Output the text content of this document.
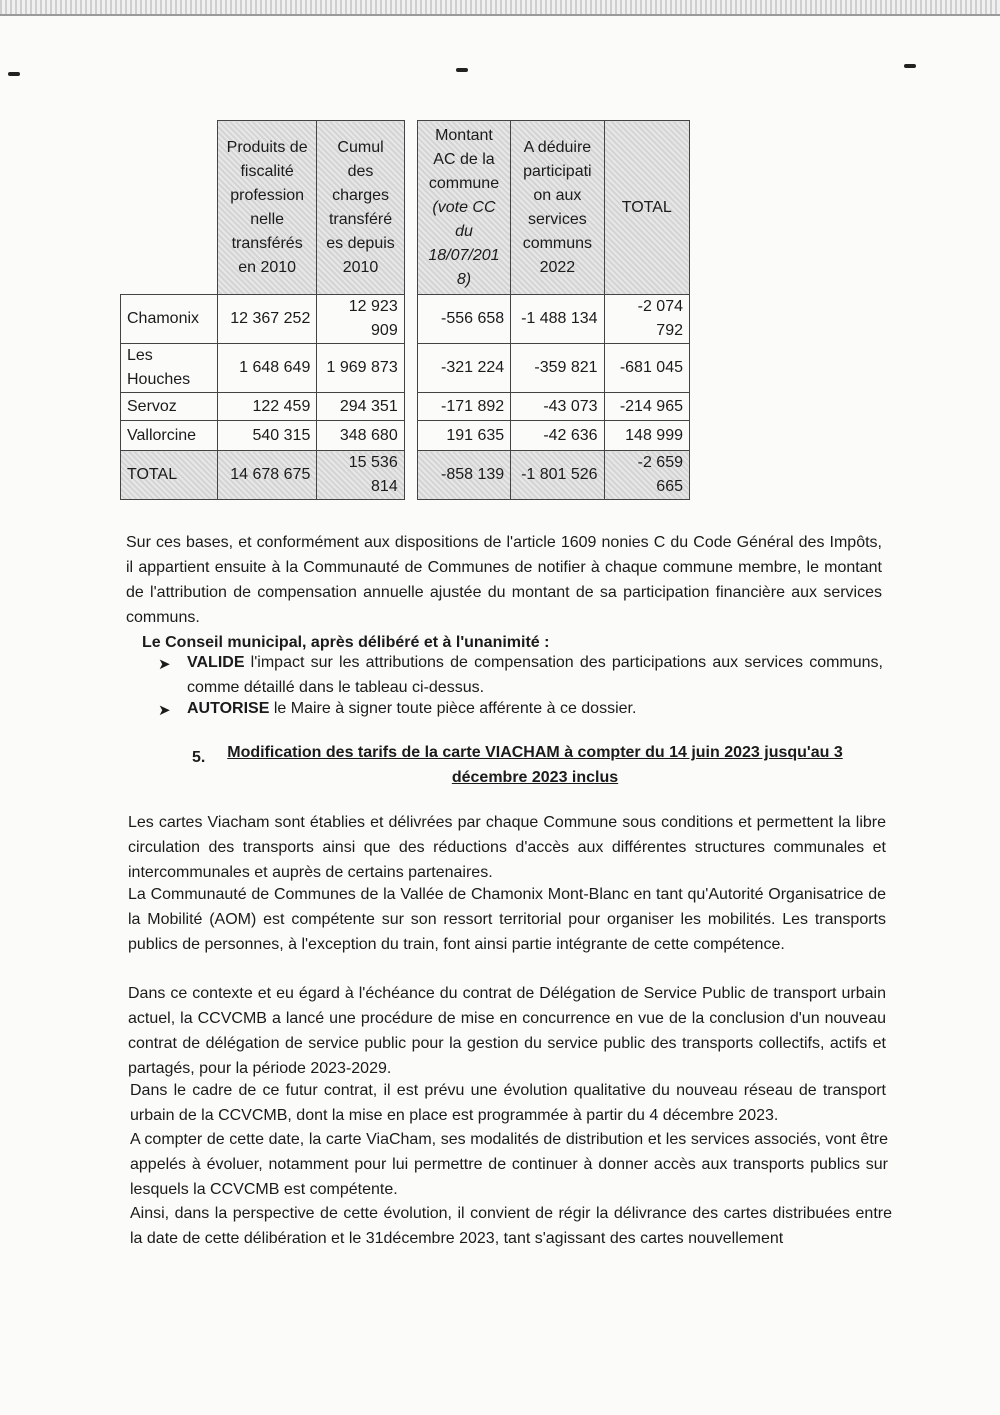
	Produits de fiscalité profession nelle transférés en 2010	Cumul des charges transféré es depuis 2010		Montant AC de la commune (vote CC du 18/07/201 8)	A déduire participati on aux services communs 2022	TOTAL
Chamonix	12 367 252	12 923 909		-556 658	-1 488 134	-2 074 792
Les Houches	1 648 649	1 969 873		-321 224	-359 821	-681 045
Servoz	122 459	294 351		-171 892	-43 073	-214 965
Vallorcine	540 315	348 680		191 635	-42 636	148 999
TOTAL	14 678 675	15 536 814		-858 139	-1 801 526	-2 659 665
Sur ces bases, et conformément aux dispositions de l'article 1609 nonies C du Code Général des Impôts, il appartient ensuite à la Communauté de Communes de notifier à chaque commune membre, le montant de l'attribution de compensation annuelle ajustée du montant de sa participation financière aux services communs.
Le Conseil municipal, après délibéré et à l'unanimité :
➤ VALIDE l'impact sur les attributions de compensation des participations aux services communs, comme détaillé dans le tableau ci-dessus.
➤ AUTORISE le Maire à signer toute pièce afférente à ce dossier.
5.	Modification des tarifs de la carte VIACHAM à compter du 14 juin 2023 jusqu'au 3
décembre 2023 inclus
Les cartes Viacham sont établies et délivrées par chaque Commune sous conditions et permettent la libre circulation des transports ainsi que des réductions d'accès aux différentes structures communales et intercommunales et auprès de certains partenaires.
La Communauté de Communes de la Vallée de Chamonix Mont-Blanc en tant qu'Autorité Organisatrice de la Mobilité (AOM) est compétente sur son ressort territorial pour organiser les mobilités. Les transports publics de personnes, à l'exception du train, font ainsi partie intégrante de cette compétence.
Dans ce contexte et eu égard à l'échéance du contrat de Délégation de Service Public de transport urbain actuel, la CCVCMB a lancé une procédure de mise en concurrence en vue de la conclusion d'un nouveau contrat de délégation de service public pour la gestion du service public des transports collectifs, actifs et partagés, pour la période 2023-2029.
Dans le cadre de ce futur contrat, il est prévu une évolution qualitative du nouveau réseau de transport urbain de la CCVCMB, dont la mise en place est programmée à partir du 4 décembre 2023.
A compter de cette date, la carte ViaCham, ses modalités de distribution et les services associés, vont être appelés à évoluer, notamment pour lui permettre de continuer à donner accès aux transports publics sur lesquels la CCVCMB est compétente.
Ainsi, dans la perspective de cette évolution, il convient de régir la délivrance des cartes distribuées entre la date de cette délibération et le 31décembre 2023, tant s'agissant des cartes nouvellement
